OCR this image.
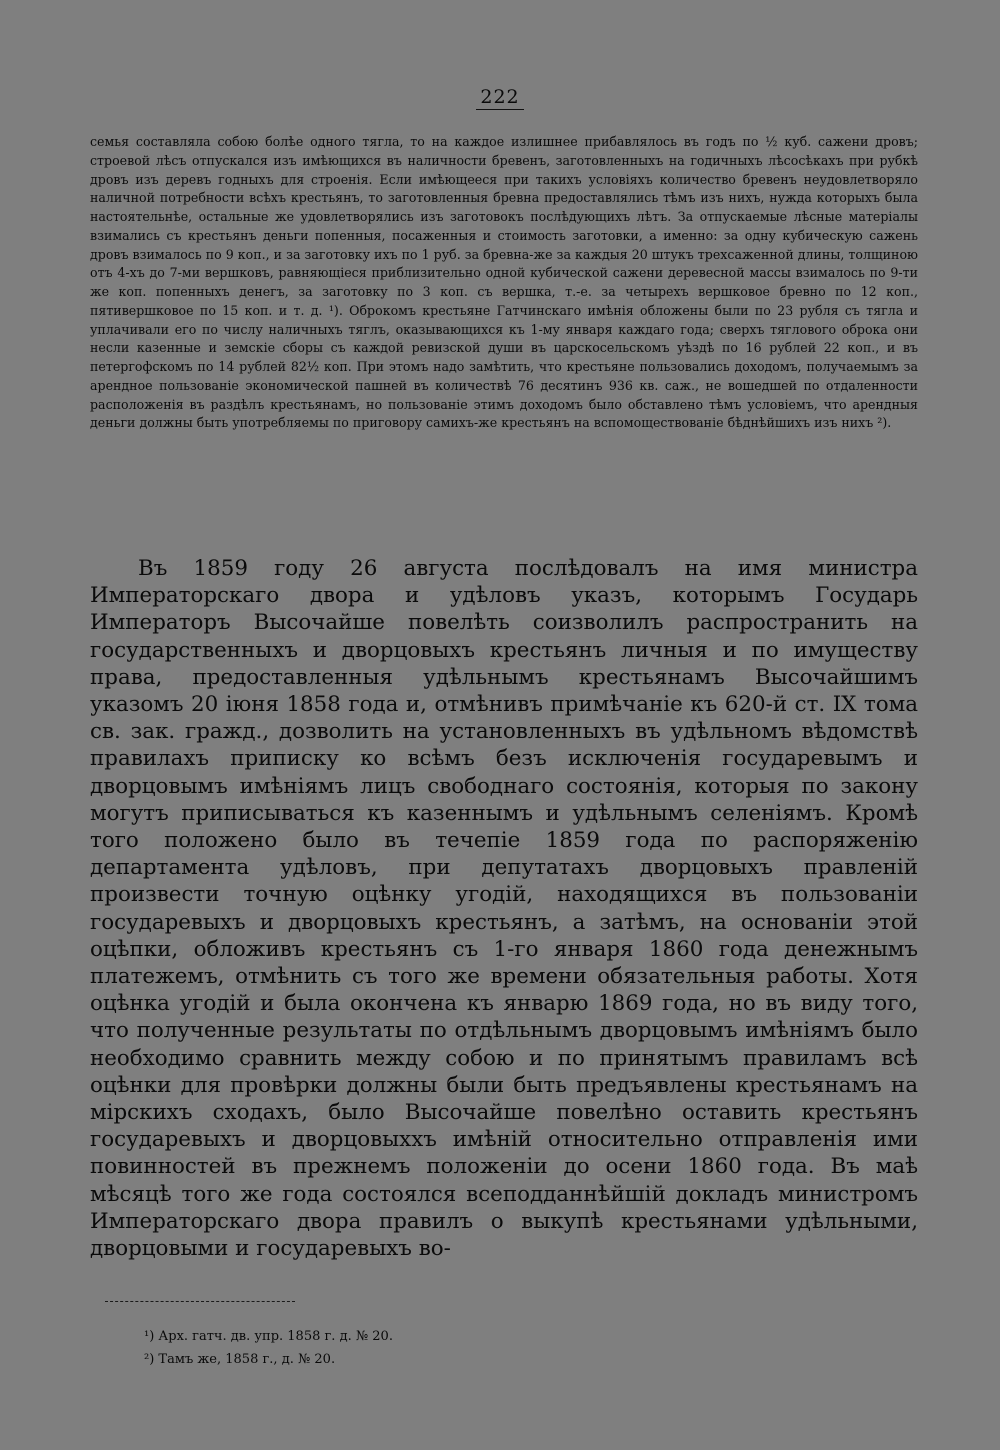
222
семья составляла собою болѣе одного тягла, то на каждое излишнее прибавлялось въ годъ по ½ куб. сажени дровъ; строевой лѣсъ отпускался изъ имѣющихся въ наличности бревенъ, заготовленныхъ на годичныхъ лѣсосѣкахъ при рубкѣ дровъ изъ деревъ годныхъ для строенія. Если имѣющееся при такихъ условіяхъ количество бревенъ неудовлетворяло наличной потребности всѣхъ крестьянъ, то заготовленныя бревна предоставлялись тѣмъ изъ нихъ, нужда которыхъ была настоятельнѣе, остальные же удовлетворялись изъ заготовокъ послѣдующихъ лѣтъ. За отпускаемые лѣсные матеріалы взимались съ крестьянъ деньги попенныя, посаженныя и стоимость заготовки, а именно: за одну кубическую сажень дровъ взималось по 9 коп., и за заготовку ихъ по 1 руб. за бревна-же за каждыя 20 штукъ трехсаженной длины, толщиною отъ 4-хъ до 7-ми вершковъ, равняющіеся приблизительно одной кубической сажени деревесной массы взималось по 9-ти же коп. попенныхъ денегъ, за заготовку по 3 коп. съ вершка, т.-е. за четырехъ вершковое бревно по 12 коп., пятивершковое по 15 коп. и т. д. ¹). Оброкомъ крестьяне Гатчинскаго имѣнія обложены были по 23 рубля съ тягла и уплачивали его по числу наличныхъ тяглъ, оказывающихся къ 1-му января каждаго года; сверхъ тяглового оброка они несли казенные и земскіе сборы съ каждой ревизской души въ царскосельскомъ уѣздѣ по 16 рублей 22 коп., и въ петергофскомъ по 14 рублей 82½ коп. При этомъ надо замѣтить, что крестьяне пользовались доходомъ, получаемымъ за арендное пользованіе экономической пашней въ количествѣ 76 десятинъ 936 кв. саж., не вошедшей по отдаленности расположенія въ раздѣлъ крестьянамъ, но пользованіе этимъ доходомъ было обставлено тѣмъ условіемъ, что арендныя деньги должны быть употребляемы по приговору самихъ-же крестьянъ на вспомоществованіе бѣднѣйшихъ изъ нихъ ²).
Въ 1859 году 26 августа послѣдовалъ на имя министра Императорскаго двора и удѣловъ указъ, которымъ Государь Императоръ Высочайше повелѣть соизволилъ распространить на государственныхъ и дворцовыхъ крестьянъ личныя и по имуществу права, предоставленныя удѣльнымъ крестьянамъ Высочайшимъ указомъ 20 іюня 1858 года и, отмѣнивъ примѣчаніе къ 620-й ст. IX тома св. зак. гражд., дозволить на установленныхъ въ удѣльномъ вѣдомствѣ правилахъ приписку ко всѣмъ безъ исключенія государевымъ и дворцовымъ имѣніямъ лицъ свободнаго состоянія, которыя по закону могутъ приписываться къ казеннымъ и удѣльнымъ селеніямъ. Кромѣ того положено было въ течепіе 1859 года по распоряженію департамента удѣловъ, при депутатахъ дворцовыхъ правленій произвести точную оцѣнку угодій, находящихся въ пользованіи государевыхъ и дворцовыхъ крестьянъ, а затѣмъ, на основаніи этой оцѣпки, обложивъ крестьянъ съ 1-го января 1860 года денежнымъ платежемъ, отмѣнить съ того же времени обязательныя работы. Хотя оцѣнка угодій и была окончена къ январю 1869 года, но въ виду того, что полученные результаты по отдѣльнымъ дворцовымъ имѣніямъ было необходимо сравнить между собою и по принятымъ правиламъ всѣ оцѣнки для провѣрки должны были быть предъявлены крестьянамъ на мірскихъ сходахъ, было Высочайше повелѣно оставить крестьянъ государевыхъ и дворцовыххъ имѣній относительно отправленія ими повинностей въ прежнемъ положеніи до осени 1860 года. Въ маѣ мѣсяцѣ того же года состоялся всеподданнѣйшій докладъ министромъ Императорскаго двора правилъ о выкупѣ крестьянами удѣльными, дворцовыми и государевыхъ во-
¹) Арх. гатч. дв. упр. 1858 г. д. № 20.
²) Тамъ же, 1858 г., д. № 20.
